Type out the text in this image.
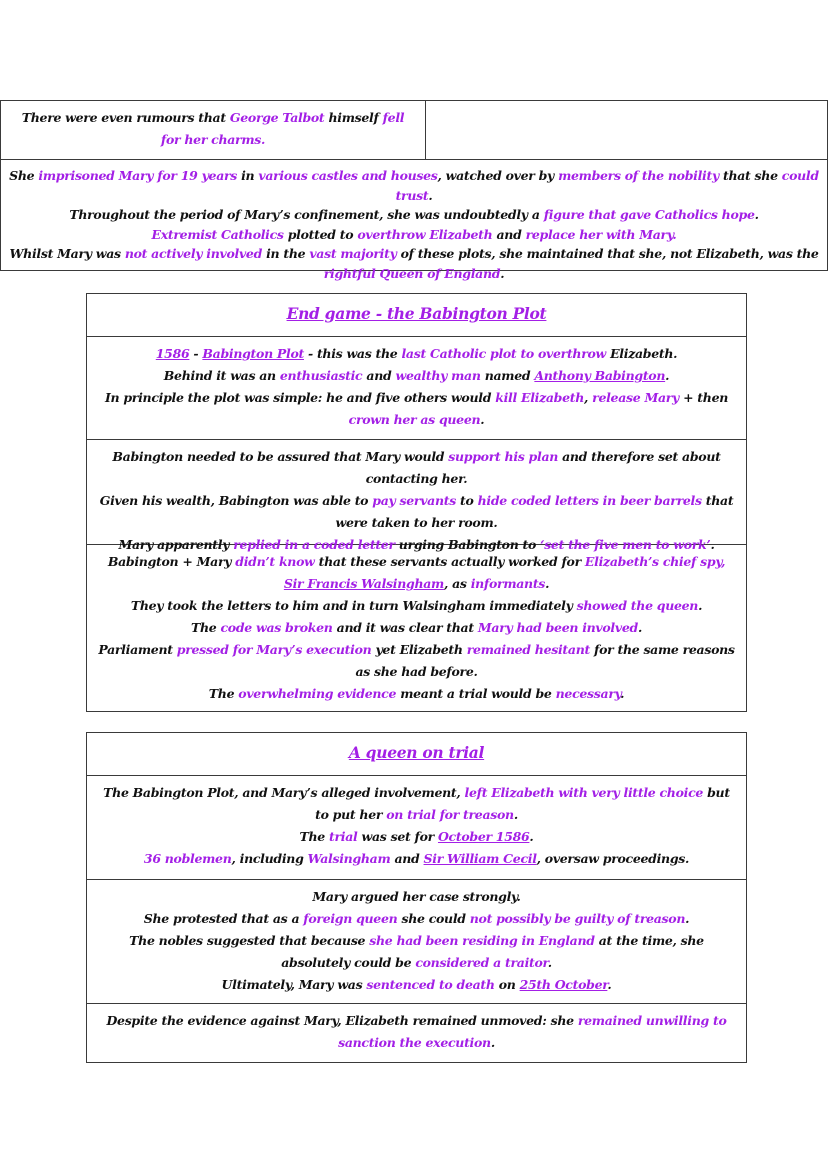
There were even rumours that George Talbot himself fell for her charms.

She imprisoned Mary for 19 years in various castles and houses, watched over by members of the nobility that she could trust.

Throughout the period of Mary’s confinement, she was undoubtedly a figure that gave Catholics hope.

Extremist Catholics plotted to overthrow Elizabeth and replace her with Mary.

Whilst Mary was not actively involved in the vast majority of these plots, she maintained that she, not Elizabeth, was the rightful Queen of England.

End game - the Babington Plot

1586 - Babington Plot - this was the last Catholic plot to overthrow Elizabeth.

Behind it was an enthusiastic and wealthy man named Anthony Babington.

In principle the plot was simple: he and five others would kill Elizabeth, release Mary + then crown her as queen.

Babington needed to be assured that Mary would support his plan and therefore set about contacting her.

Given his wealth, Babington was able to pay servants to hide coded letters in beer barrels that were taken to her room.

Mary apparently replied in a coded letter urging Babington to ‘set the five men to work’.

Babington + Mary didn’t know that these servants actually worked for Elizabeth’s chief spy, Sir Francis Walsingham, as informants.

They took the letters to him and in turn Walsingham immediately showed the queen.

The code was broken and it was clear that Mary had been involved.

Parliament pressed for Mary’s execution yet Elizabeth remained hesitant for the same reasons as she had before.

The overwhelming evidence meant a trial would be necessary.

A queen on trial

The Babington Plot, and Mary’s alleged involvement, left Elizabeth with very little choice but to put her on trial for treason.

The trial was set for October 1586.

36 noblemen, including Walsingham and Sir William Cecil, oversaw proceedings.

Mary argued her case strongly.

She protested that as a foreign queen she could not possibly be guilty of treason.

The nobles suggested that because she had been residing in England at the time, she absolutely could be considered a traitor.

Ultimately, Mary was sentenced to death on 25th October.

Despite the evidence against Mary, Elizabeth remained unmoved: she remained unwilling to sanction the execution.
